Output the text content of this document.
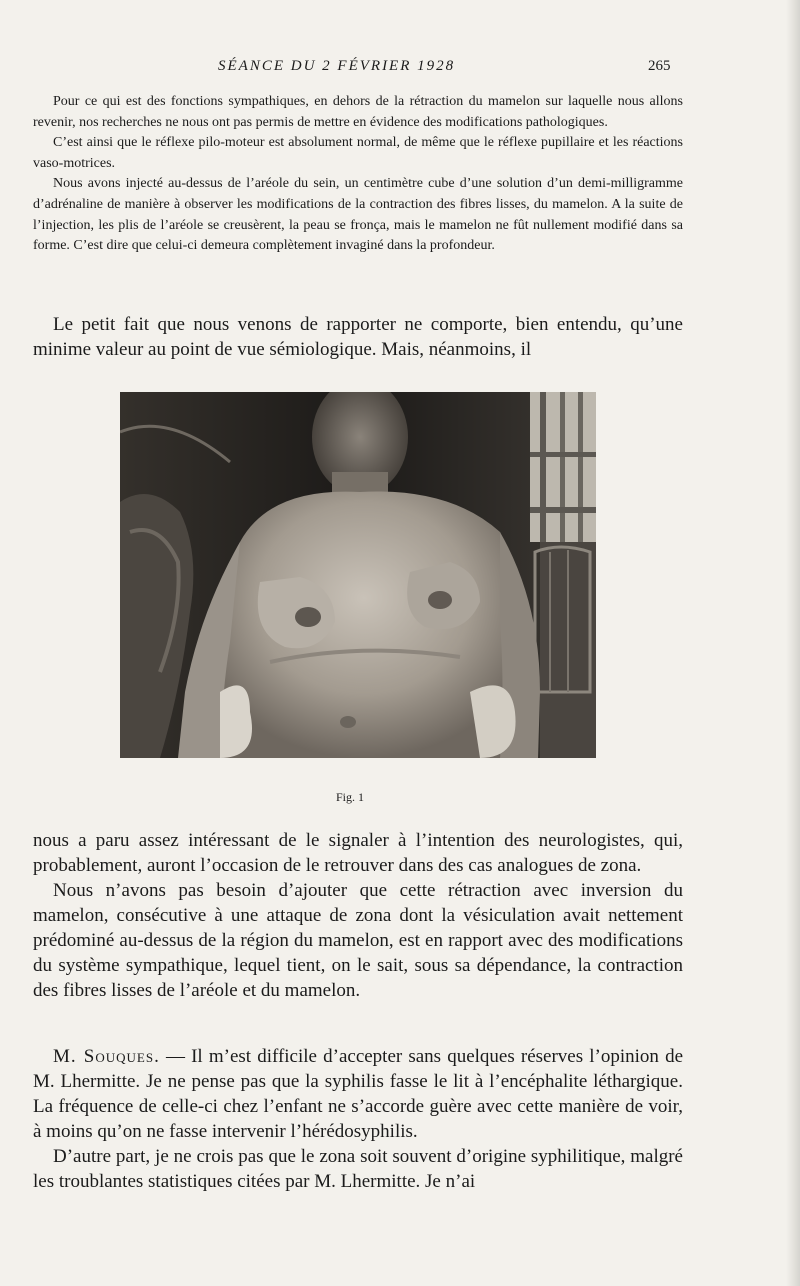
SÉANCE DU 2 FÉVRIER 1928	265

Pour ce qui est des fonctions sympathiques, en dehors de la rétraction du mamelon sur laquelle nous allons revenir, nos recherches ne nous ont pas permis de mettre en évidence des modifications pathologiques.

C’est ainsi que le réflexe pilo-moteur est absolument normal, de même que le réflexe pupillaire et les réactions vaso-motrices.

Nous avons injecté au-dessus de l’aréole du sein, un centimètre cube d’une solution d’un demi-milligramme d’adrénaline de manière à observer les modifications de la contraction des fibres lisses, du mamelon. A la suite de l’injection, les plis de l’aréole se creusèrent, la peau se fronça, mais le mamelon ne fût nullement modifié dans sa forme. C’est dire que celui-ci demeura complètement invaginé dans la profondeur.

Le petit fait que nous venons de rapporter ne comporte, bien entendu, qu’une minime valeur au point de vue sémiologique. Mais, néanmoins, il

Fig. 1

nous a paru assez intéressant de le signaler à l’intention des neurologistes, qui, probablement, auront l’occasion de le retrouver dans des cas analogues de zona.

Nous n’avons pas besoin d’ajouter que cette rétraction avec inversion du mamelon, consécutive à une attaque de zona dont la vésiculation avait nettement prédominé au-dessus de la région du mamelon, est en rapport avec des modifications du système sympathique, lequel tient, on le sait, sous sa dépendance, la contraction des fibres lisses de l’aréole et du mamelon.

M. Souques. — Il m’est difficile d’accepter sans quelques réserves l’opinion de M. Lhermitte. Je ne pense pas que la syphilis fasse le lit à l’encéphalite léthargique. La fréquence de celle-ci chez l’enfant ne s’accorde guère avec cette manière de voir, à moins qu’on ne fasse intervenir l’hérédosyphilis.

D’autre part, je ne crois pas que le zona soit souvent d’origine syphilitique, malgré les troublantes statistiques citées par M. Lhermitte. Je n’ai
